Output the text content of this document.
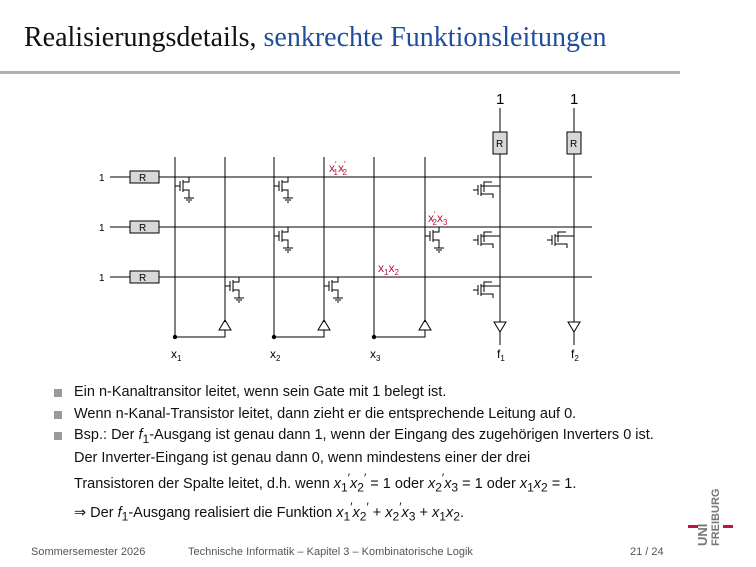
Realisierungsdetails, senkrechte Funktionsleitungen
R
R
R
R	R
1
1
1
1	1
x′ 1x′ 2
x′ $2x_3$
$x_1x_2$
$x_1$	$x_2$	$x_3$	$f_1$	$f_2$
Ein n-Kanaltransitor leitet, wenn sein Gate mit 1 belegt ist.
Wenn n-Kanal-Transistor leitet, dann zieht er die entsprechende Leitung auf 0.
Bsp.: Der $f_1$-Ausgang ist genau dann 1, wenn der Eingang des zugehörigen Inverters 0 ist.
Der Inverter-Eingang ist genau dann 0, wenn mindestens einer der drei
Transistoren der Spalte leitet, d.h. wenn $x_1'x_2' = 1$ oder $x_2'x_3 = 1$ oder $x_1x_2 = 1$.
⇒ Der $f_1$-Ausgang realisiert die Funktion $x_1'x_2' + x_2'x_3 + x_1x_2$.
Sommersemester 2026	Technische Informatik – Kapitel 3 – Kombinatorische Logik	21 / 24
UNI FREIBURG
